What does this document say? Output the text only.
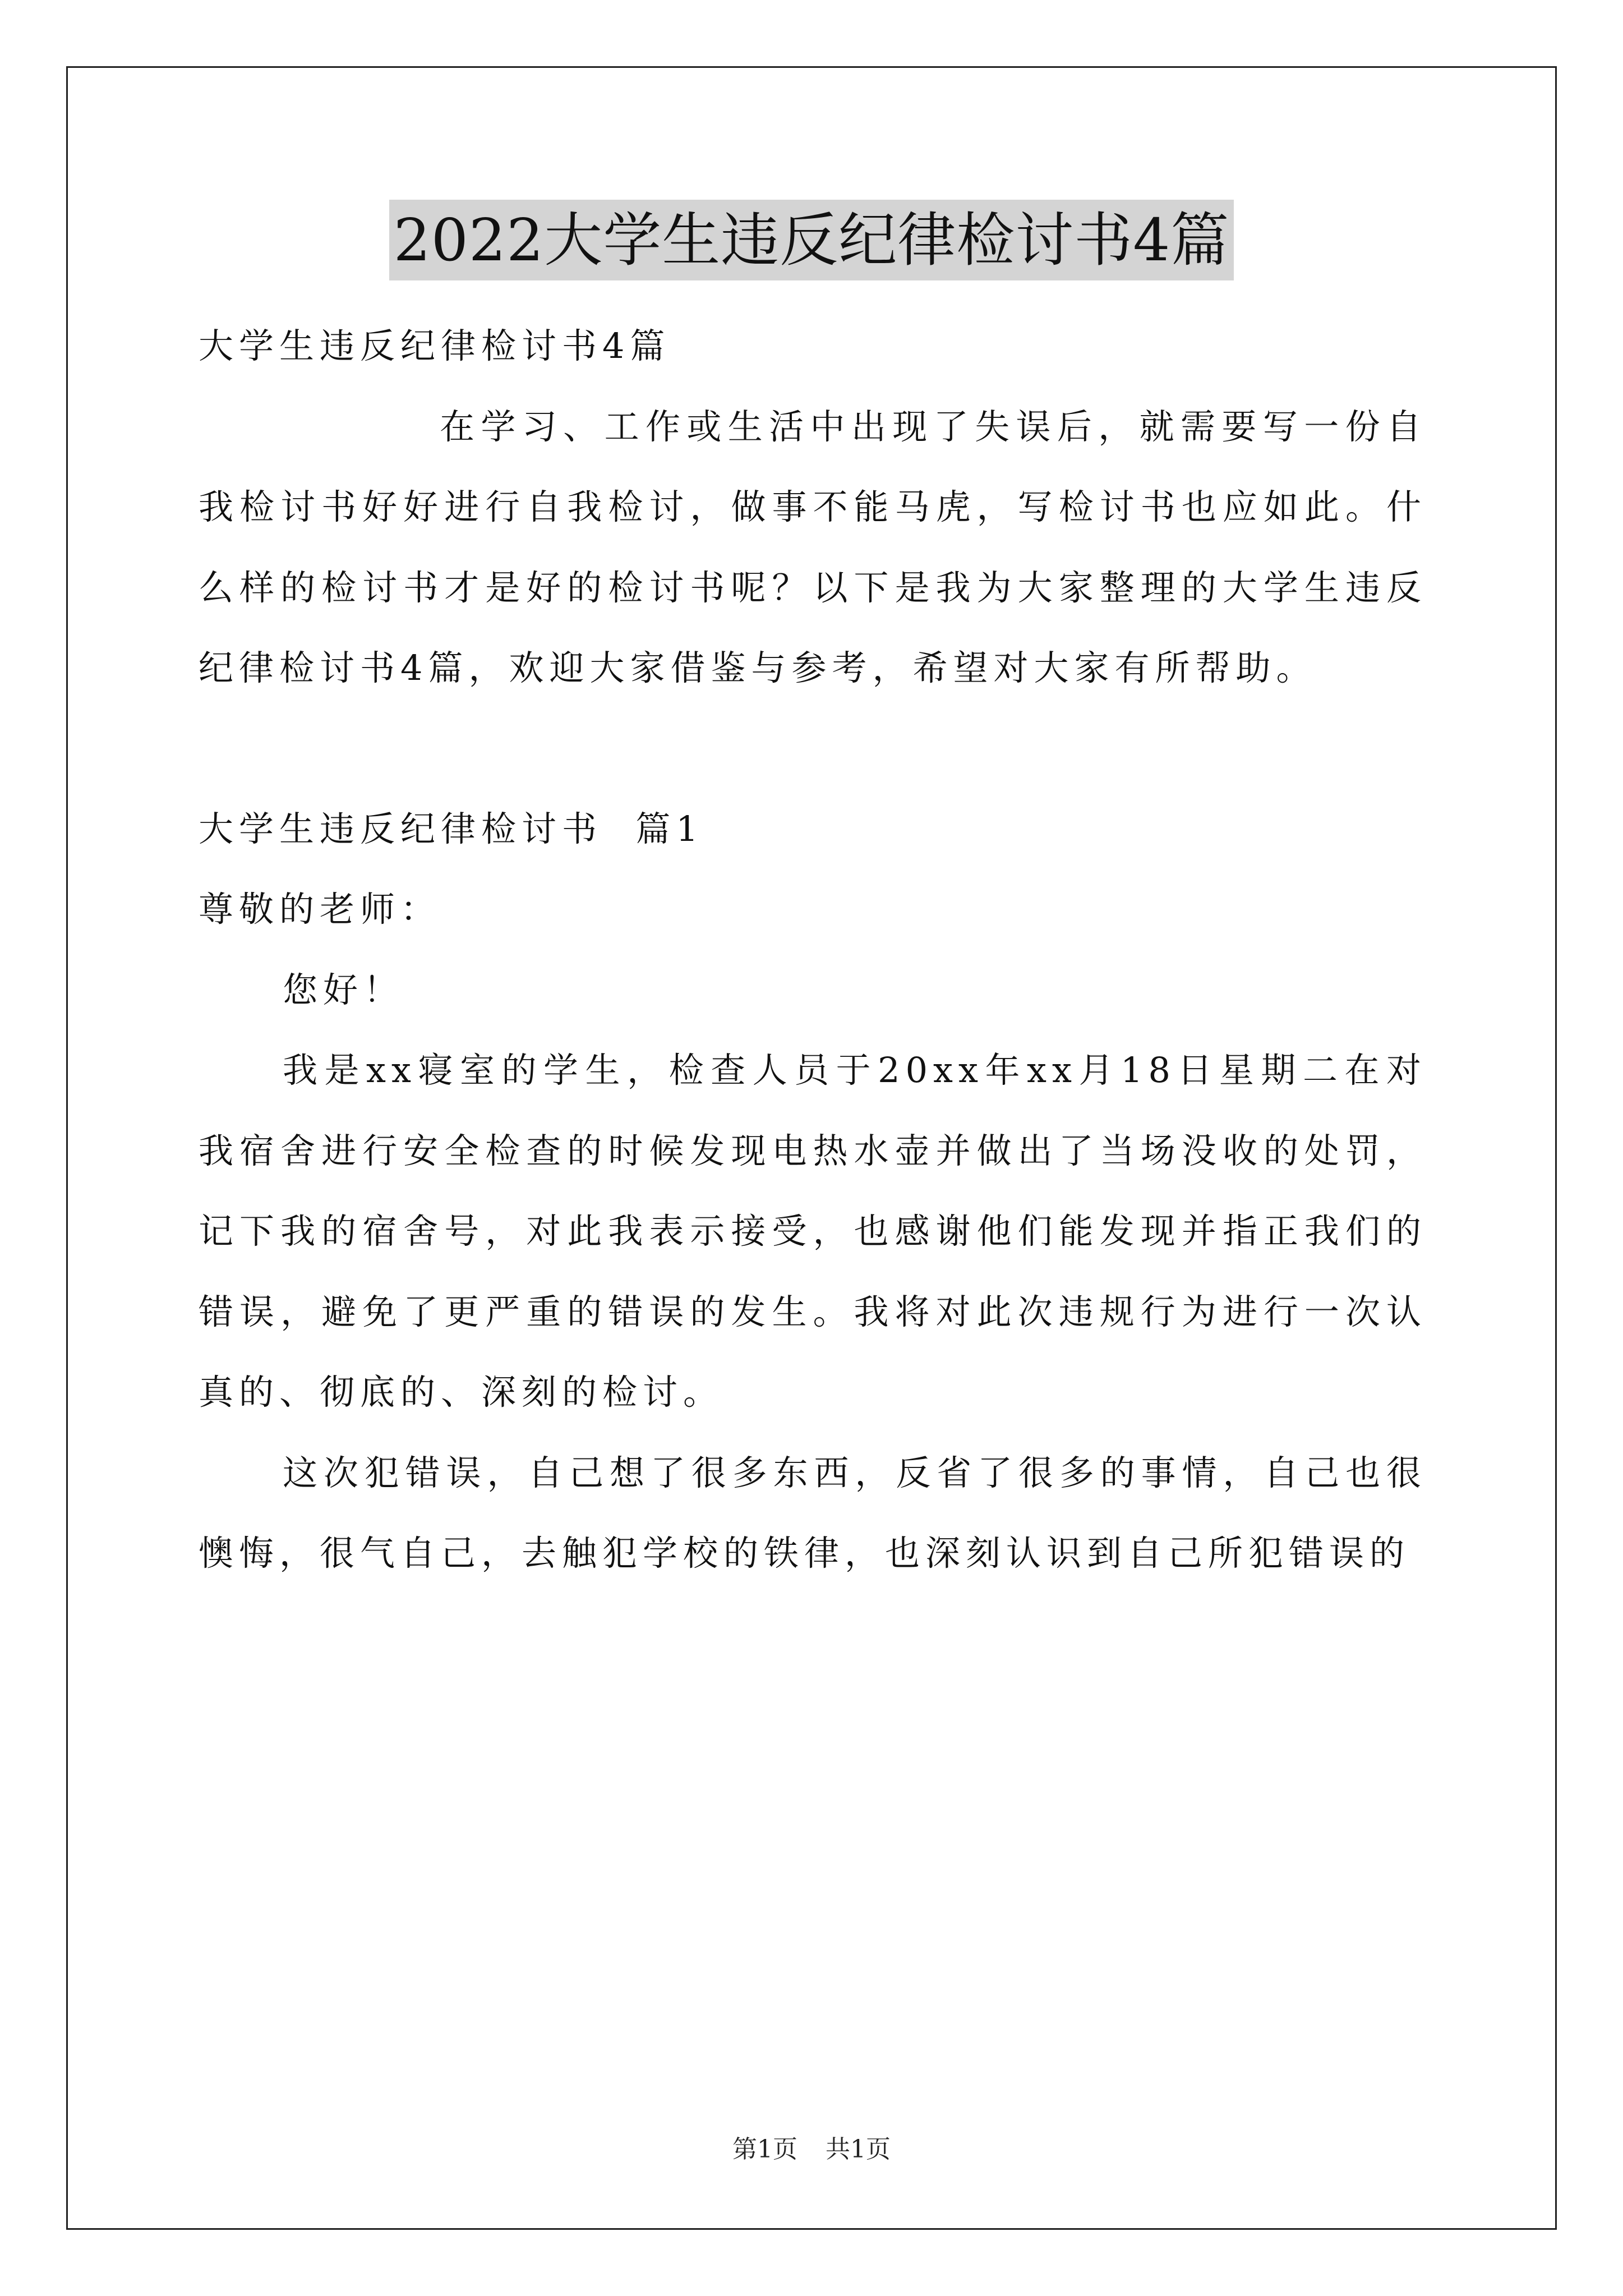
2022大学生违反纪律检讨书4篇

大学生违反纪律检讨书4篇

在学习、工作或生活中出现了失误后，就需要写一份自我检讨书好好进行自我检讨，做事不能马虎，写检讨书也应如此。什么样的检讨书才是好的检讨书呢？以下是我为大家整理的大学生违反纪律检讨书4篇，欢迎大家借鉴与参考，希望对大家有所帮助。

大学生违反纪律检讨书  篇1

尊敬的老师：

您好！

我是xx寝室的学生，检查人员于20xx年xx月18日星期二在对我宿舍进行安全检查的时候发现电热水壶并做出了当场没收的处罚，记下我的宿舍号，对此我表示接受，也感谢他们能发现并指正我们的错误，避免了更严重的错误的发生。我将对此次违规行为进行一次认真的、彻底的、深刻的检讨。

这次犯错误，自己想了很多东西，反省了很多的事情，自己也很懊悔，很气自己，去触犯学校的铁律，也深刻认识到自己所犯错误的

第1页 共1页
